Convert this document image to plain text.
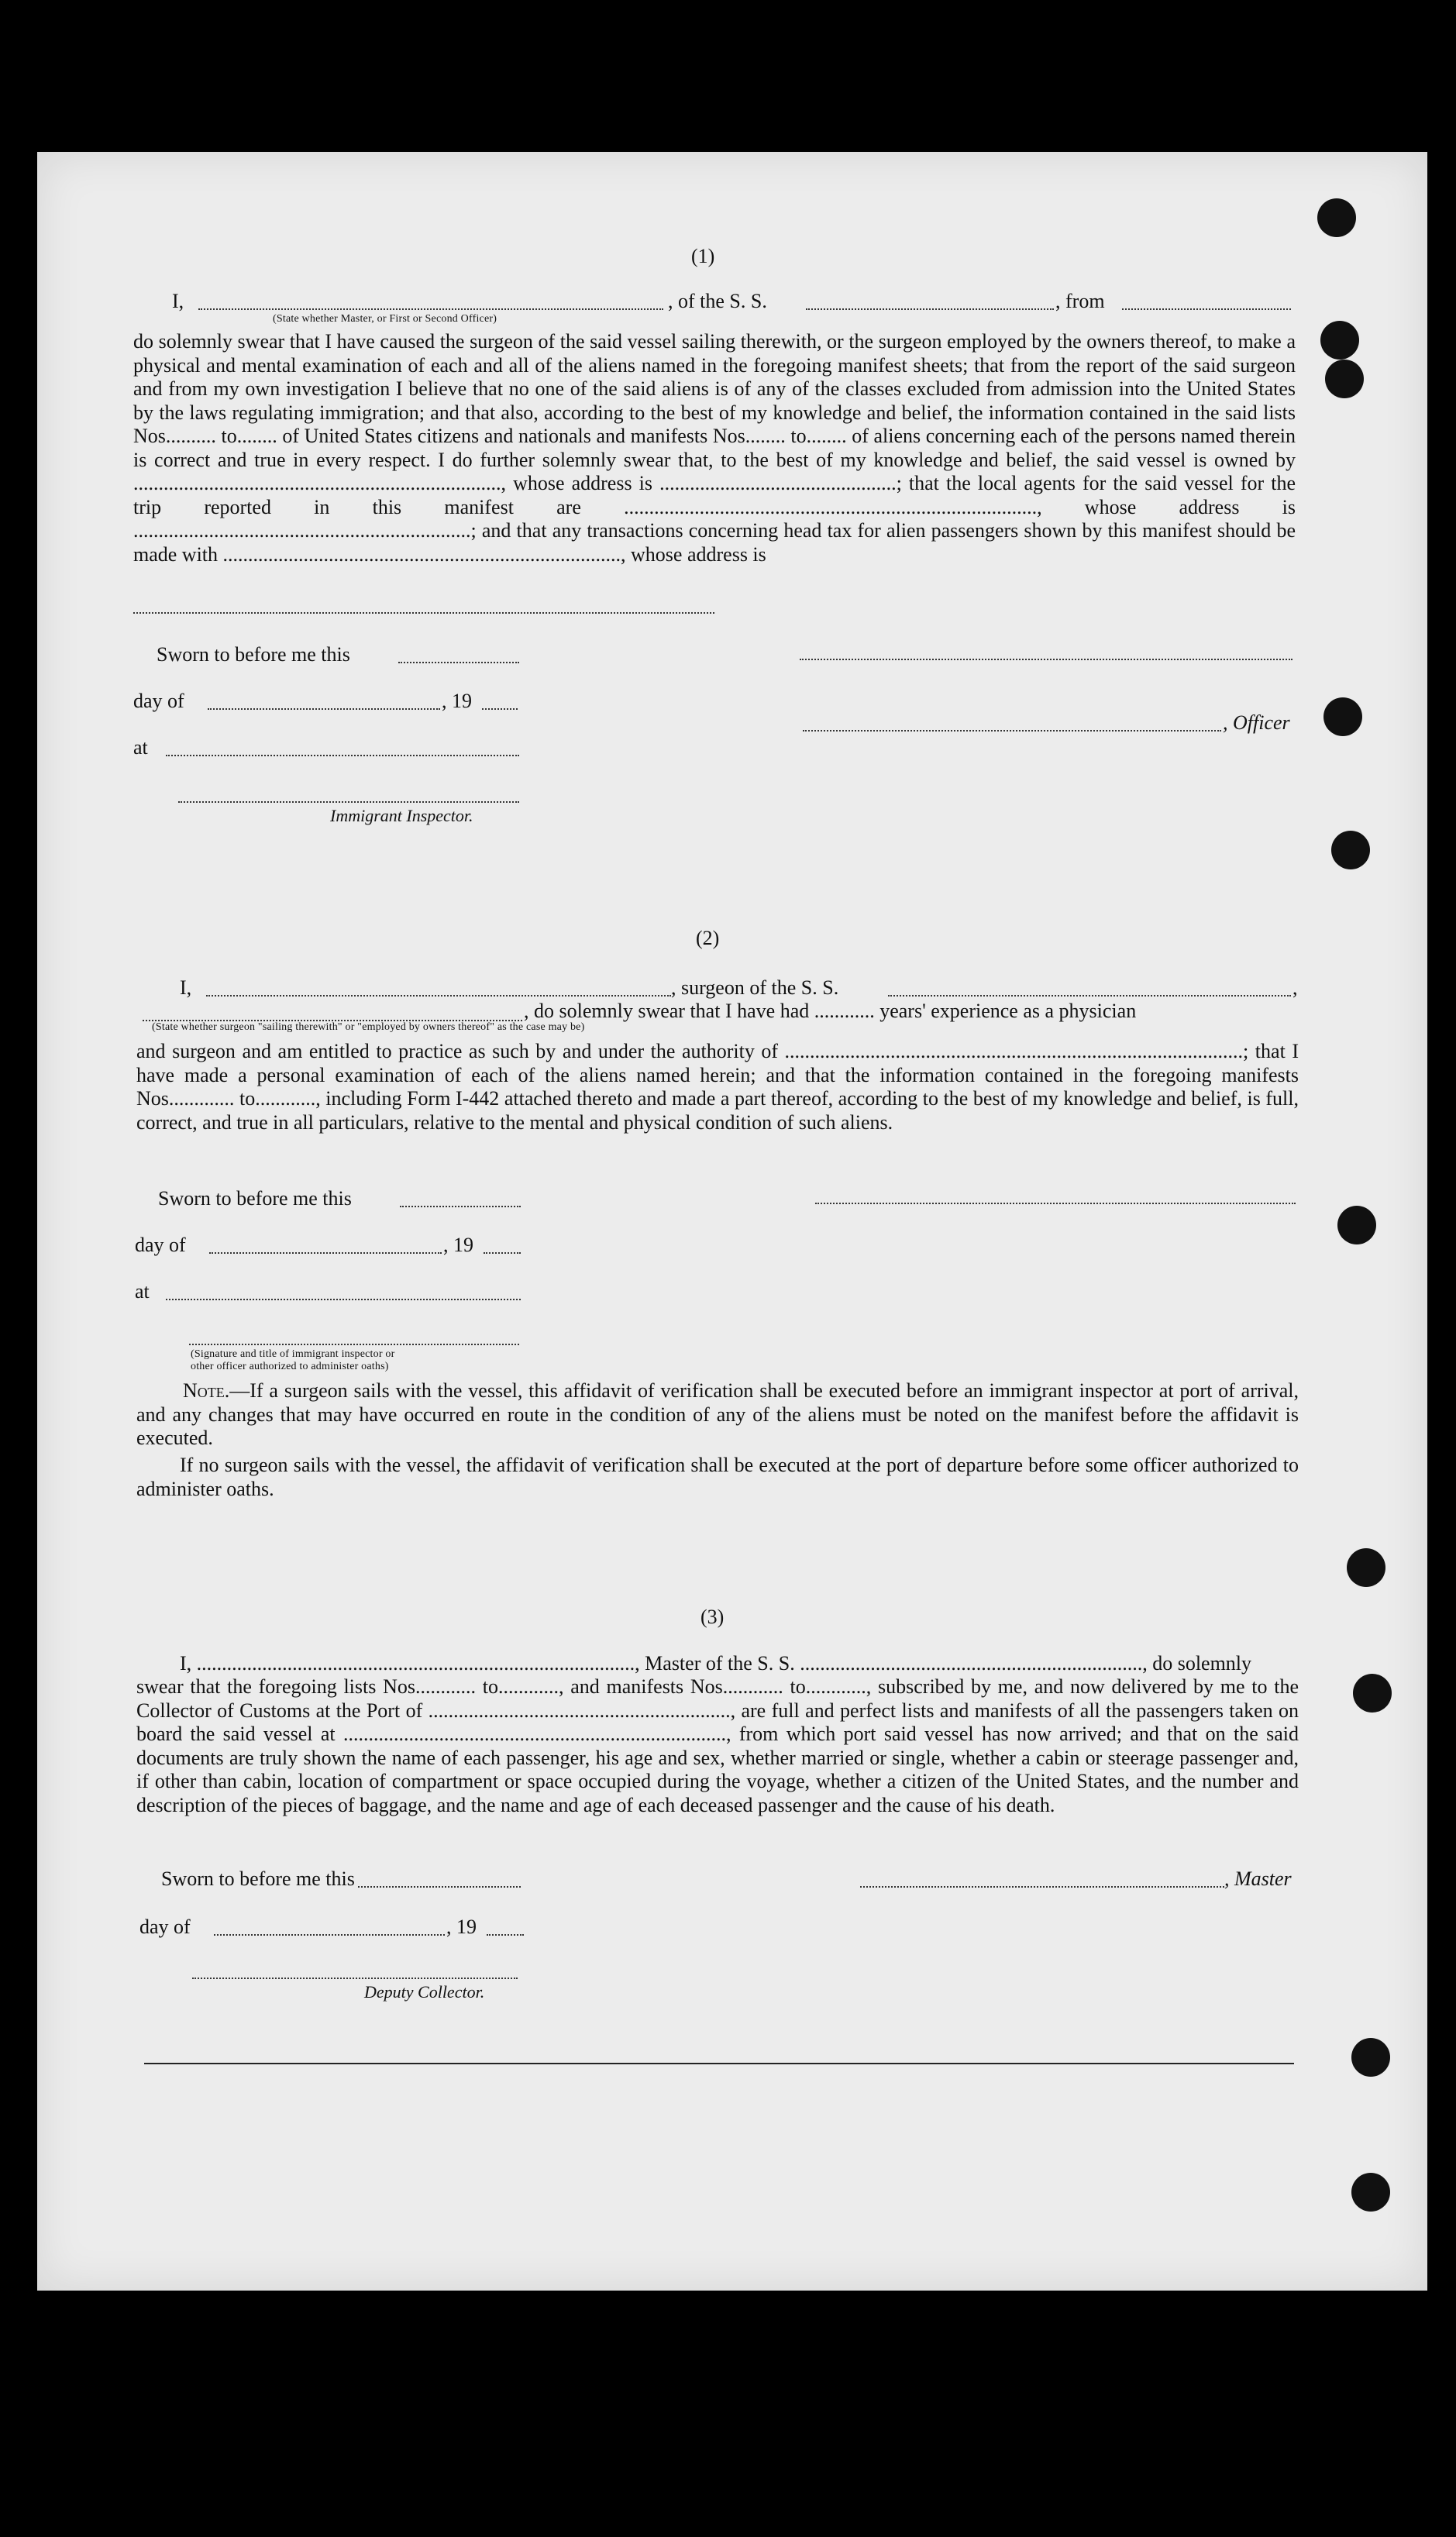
(1)
I,	, of the S. S.	, from
(State whether Master, or First or Second Officer)
do solemnly swear that I have caused the surgeon of the said vessel sailing therewith, or the surgeon employed by the owners thereof, to make a physical and mental examination of each and all of the aliens named in the foregoing manifest sheets; that from the report of the said surgeon and from my own investigation I believe that no one of the said aliens is of any of the classes excluded from admission into the United States by the laws regulating immigration; and that also, according to the best of my knowledge and belief, the information contained in the said lists Nos.......... to........ of United States citizens and nationals and manifests Nos........ to........ of aliens concerning each of the persons named therein is correct and true in every respect. I do further solemnly swear that, to the best of my knowledge and belief, the said vessel is owned by ........................................................................., whose address is ...............................................; that the local agents for the said vessel for the trip reported in this manifest are .................................................................................., whose address is ...................................................................; and that any transactions concerning head tax for alien passengers shown by this manifest should be made with ..............................................................................., whose address is
Sworn to before me this
day of	, 19
, Officer
at
Immigrant Inspector.
(2)
I,	, surgeon of the S. S.	,
, do solemnly swear that I have had ............ years' experience as a physician
(State whether surgeon "sailing therewith" or "employed by owners thereof" as the case may be)
and surgeon and am entitled to practice as such by and under the authority of ...........................................................................................; that I have made a personal examination of each of the aliens named herein; and that the information contained in the foregoing manifests Nos............. to............, including Form I-442 attached thereto and made a part thereof, according to the best of my knowledge and belief, is full, correct, and true in all particulars, relative to the mental and physical condition of such aliens.
Sworn to before me this
day of	, 19
at
(Signature and title of immigrant inspector or
other officer authorized to administer oaths)
Note.—If a surgeon sails with the vessel, this affidavit of verification shall be executed before an immigrant inspector at port of arrival, and any changes that may have occurred en route in the condition of any of the aliens must be noted on the manifest before the affidavit is executed.
If no surgeon sails with the vessel, the affidavit of verification shall be executed at the port of departure before some officer authorized to administer oaths.
(3)
I, ......................................................................................., Master of the S. S. ...................................................................., do solemnly
swear that the foregoing lists Nos............ to............, and manifests Nos............ to............, subscribed by me, and now delivered by me to the Collector of Customs at the Port of ............................................................, are full and perfect lists and manifests of all the passengers taken on board the said vessel at ............................................................................, from which port said vessel has now arrived; and that on the said documents are truly shown the name of each passenger, his age and sex, whether married or single, whether a cabin or steerage passenger and, if other than cabin, location of compartment or space occupied during the voyage, whether a citizen of the United States, and the number and description of the pieces of baggage, and the name and age of each deceased passenger and the cause of his death.
Sworn to before me this	, Master
day of	, 19
Deputy Collector.
